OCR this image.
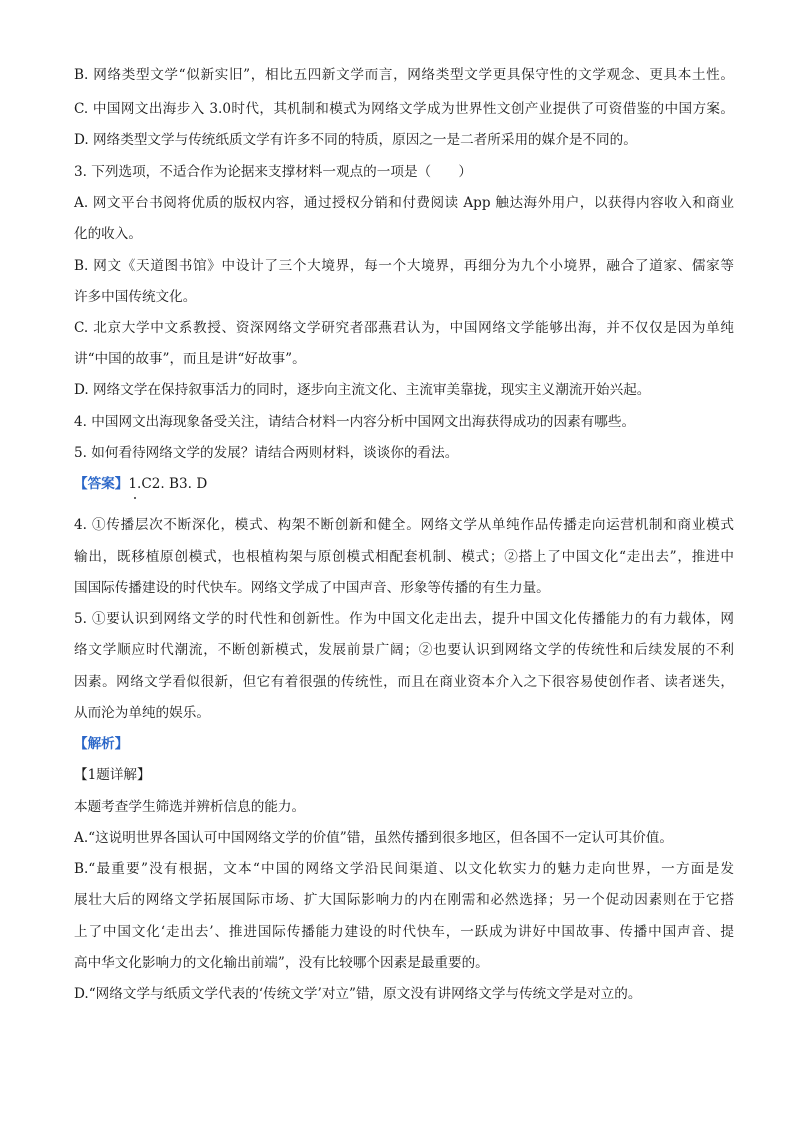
B. 网络类型文学“似新实旧”，相比五四新文学而言，网络类型文学更具保守性的文学观念、更具本土性。
C. 中国网文出海步入 3.0时代，其机制和模式为网络文学成为世界性文创产业提供了可资借鉴的中国方案。
D. 网络类型文学与传统纸质文学有许多不同的特质，原因之一是二者所采用的媒介是不同的。
3. 下列选项，不适合作为论据来支撑材料一观点的一项是（　　）
A. 网文平台书阅将优质的版权内容，通过授权分销和付费阅读 App 触达海外用户，以获得内容收入和商业
化的收入。
B. 网文《天道图书馆》中设计了三个大境界，每一个大境界，再细分为九个小境界，融合了道家、儒家等
许多中国传统文化。
C. 北京大学中文系教授、资深网络文学研究者邵燕君认为，中国网络文学能够出海，并不仅仅是因为单纯
讲“中国的故事”，而且是讲“好故事”。
D. 网络文学在保持叙事活力的同时，逐步向主流文化、主流审美靠拢，现实主义潮流开始兴起。
4. 中国网文出海现象备受关注，请结合材料一内容分析中国网文出海获得成功的因素有哪些。
5. 如何看待网络文学的发展？请结合两则材料，谈谈你的看法。
【答案】1.C2. B3. D
4. ①传播层次不断深化，模式、构架不断创新和健全。网络文学从单纯作品传播走向运营机制和商业模式
输出，既移植原创模式，也根植构架与原创模式相配套机制、模式；②搭上了中国文化“走出去”，推进中
国国际传播建设的时代快车。网络文学成了中国声音、形象等传播的有生力量。
5. ①要认识到网络文学的时代性和创新性。作为中国文化走出去，提升中国文化传播能力的有力载体，网
络文学顺应时代潮流，不断创新模式，发展前景广阔；②也要认识到网络文学的传统性和后续发展的不利
因素。网络文学看似很新，但它有着很强的传统性，而且在商业资本介入之下很容易使创作者、读者迷失，
从而沦为单纯的娱乐。
【解析】
【1题详解】
本题考查学生筛选并辨析信息的能力。
A.“这说明世界各国认可中国网络文学的价值”错，虽然传播到很多地区，但各国不一定认可其价值。
B.“最重要”没有根据，文本“中国的网络文学沿民间渠道、以文化软实力的魅力走向世界，一方面是发
展壮大后的网络文学拓展国际市场、扩大国际影响力的内在刚需和必然选择；另一个促动因素则在于它搭
上了中国文化‘走出去’、推进国际传播能力建设的时代快车，一跃成为讲好中国故事、传播中国声音、提
高中华文化影响力的文化输出前端”，没有比较哪个因素是最重要的。
D.“网络文学与纸质文学代表的‘传统文学’对立”错，原文没有讲网络文学与传统文学是对立的。
